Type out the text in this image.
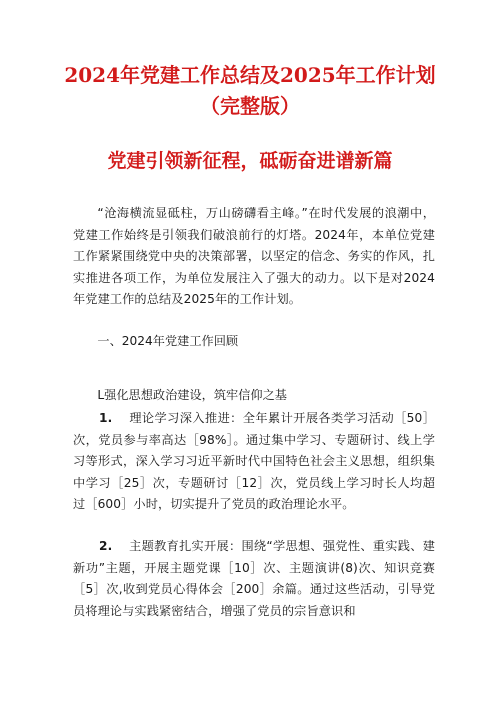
2024年党建工作总结及2025年工作计划（完整版）
党建引领新征程，砥砺奋进谱新篇

“沧海横流显砥柱，万山磅礴看主峰。”在时代发展的浪潮中，党建工作始终是引领我们破浪前行的灯塔。2024年，本单位党建工作紧紧围绕党中央的决策部署，以坚定的信念、务实的作风，扎实推进各项工作，为单位发展注入了强大的动力。以下是对2024年党建工作的总结及2025年的工作计划。

一、2024年党建工作回顾

L强化思想政治建设，筑牢信仰之基

1. 理论学习深入推进：全年累计开展各类学习活动［50］次，党员参与率高达［98%］。通过集中学习、专题研讨、线上学习等形式，深入学习习近平新时代中国特色社会主义思想，组织集中学习［25］次，专题研讨［12］次，党员线上学习时长人均超过［600］小时，切实提升了党员的政治理论水平。
2. 主题教育扎实开展：围绕“学思想、强党性、重实践、建新功”主题，开展主题党课［10］次、主题演讲(8)次、知识竞赛［5］次,收到党员心得体会［200］余篇。通过这些活动，引导党员将理论与实践紧密结合，增强了党员的宗旨意识和
